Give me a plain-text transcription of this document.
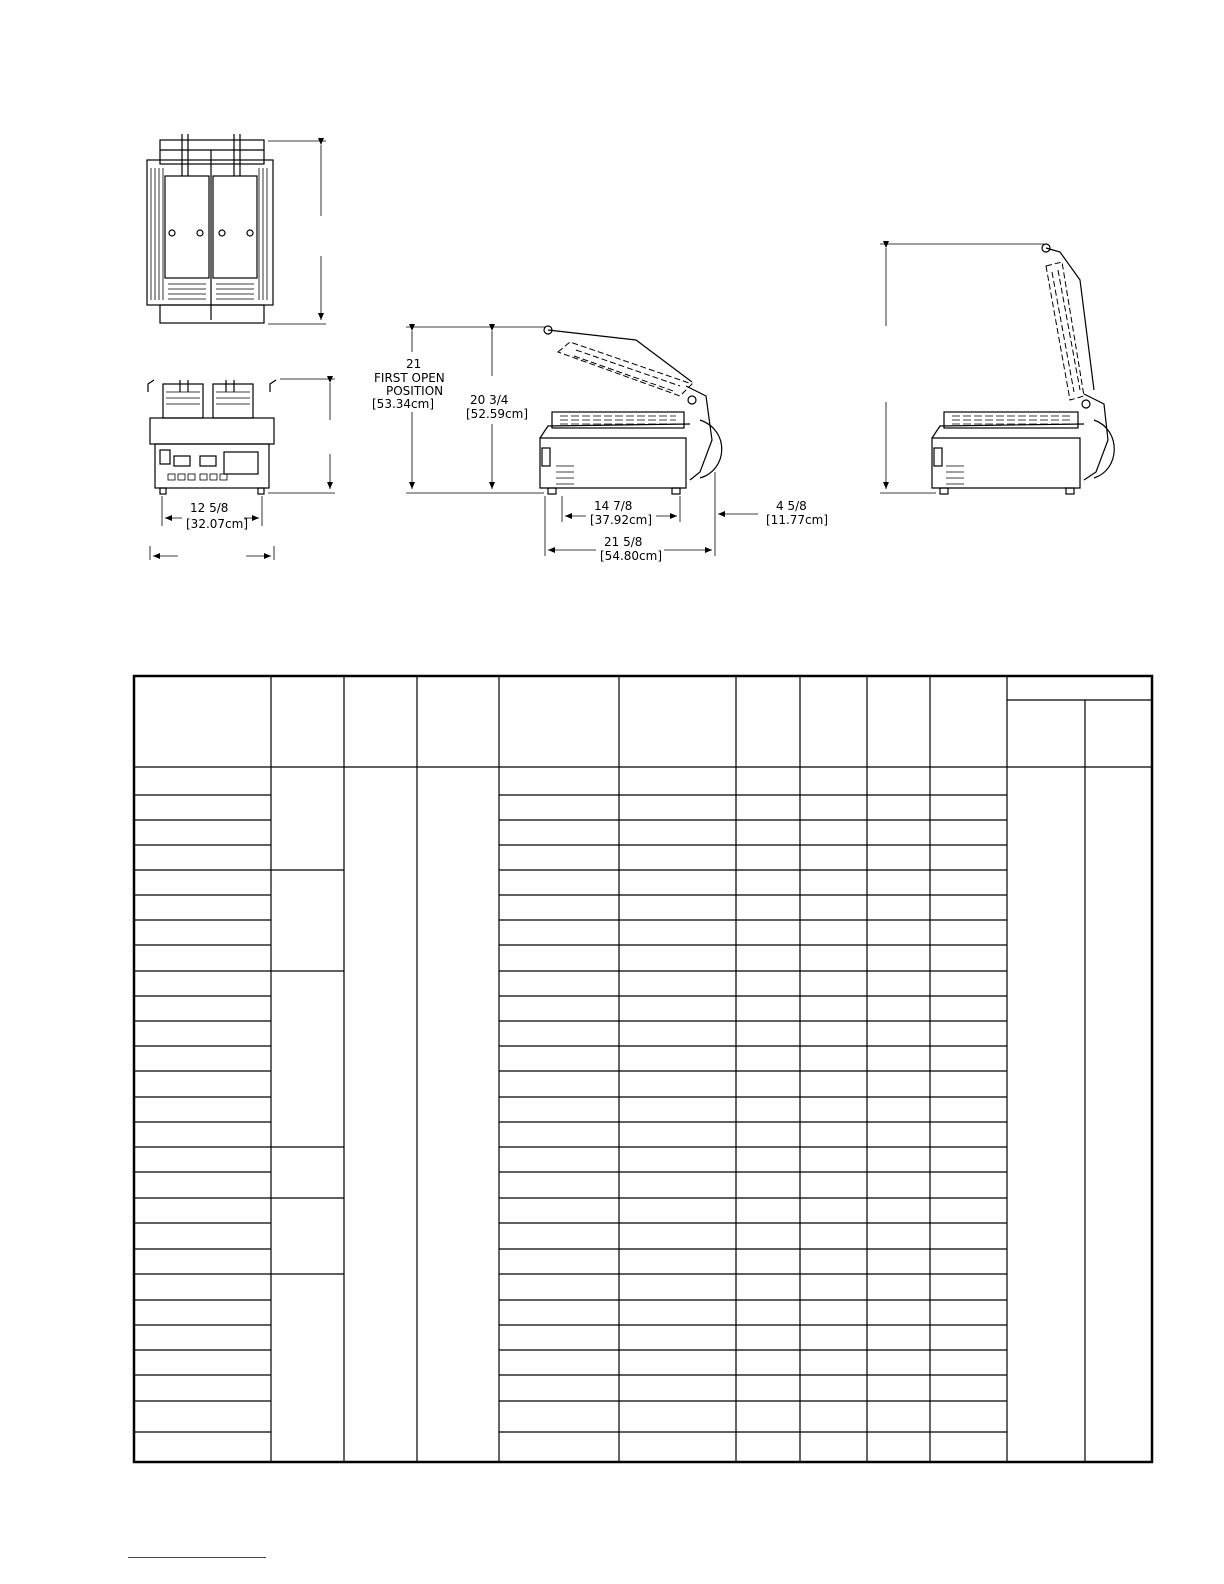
12 5/8
[32.07cm]
21
FIRST OPEN
POSITION
[53.34cm]	20 3/4
[52.59cm]
14 7/8
[37.92cm]
21 5/8
[54.80cm]
4 5/8
[11.77cm]
